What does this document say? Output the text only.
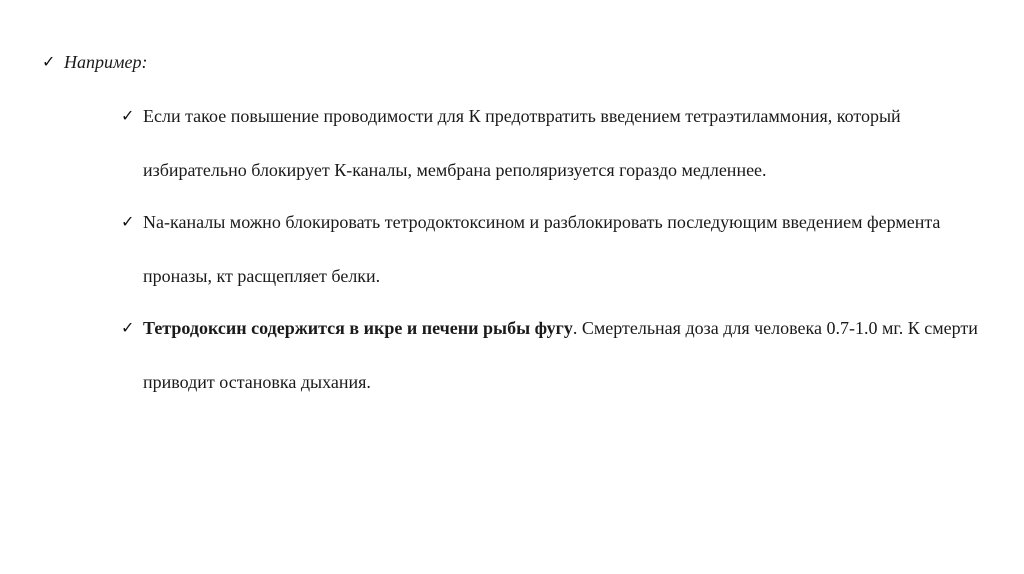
✓ Например:
✓ Если такое повышение проводимости для К предотвратить введением тетраэтиламмония, который избирательно блокирует К-каналы, мембрана реполяризуется гораздо медленнее.
✓ Na-каналы можно блокировать тетродоктоксином и разблокировать последующим введением фермента проназы, кт расщепляет белки.
✓ Тетродоксин содержится в икре и печени рыбы фугу. Смертельная доза для человека 0.7-1.0 мг. К смерти приводит остановка дыхания.
